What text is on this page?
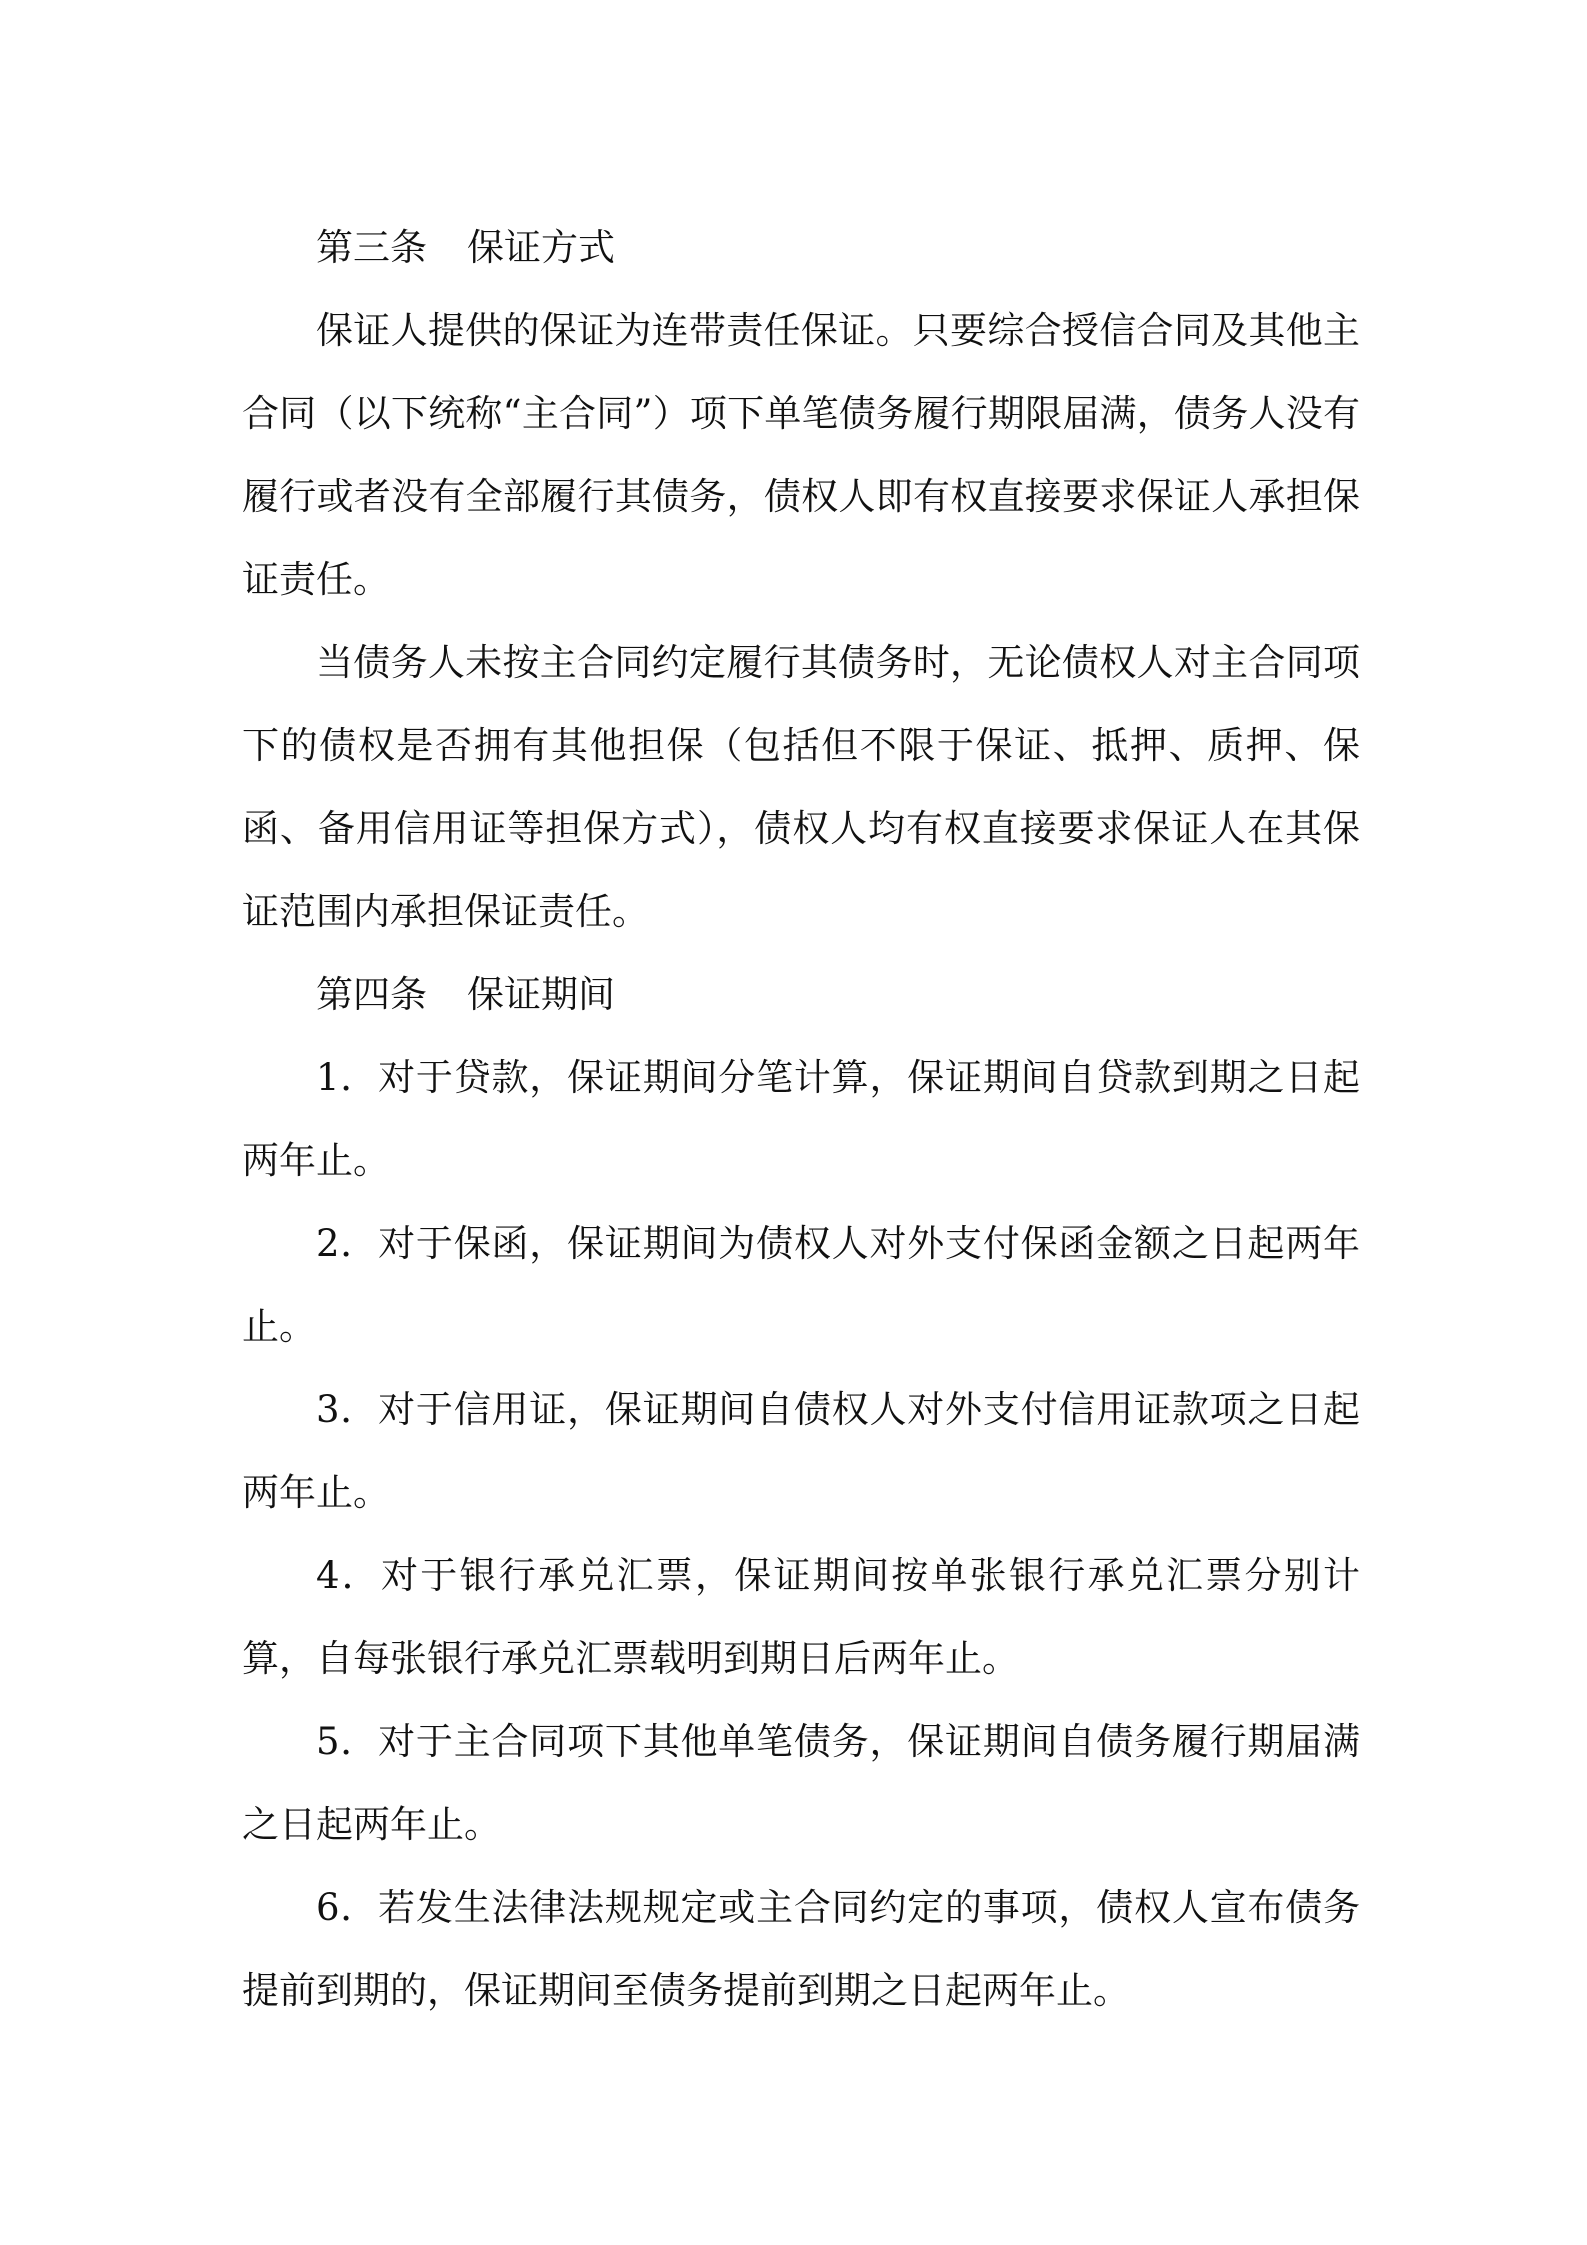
第三条 保证方式

保证人提供的保证为连带责任保证。只要综合授信合同及其他主合同（以下统称“主合同”）项下单笔债务履行期限届满，债务人没有履行或者没有全部履行其债务，债权人即有权直接要求保证人承担保证责任。

当债务人未按主合同约定履行其债务时，无论债权人对主合同项下的债权是否拥有其他担保（包括但不限于保证、抵押、质押、保函、备用信用证等担保方式），债权人均有权直接要求保证人在其保证范围内承担保证责任。

第四条 保证期间

1．对于贷款，保证期间分笔计算，保证期间自贷款到期之日起两年止。

2．对于保函，保证期间为债权人对外支付保函金额之日起两年止。

3．对于信用证，保证期间自债权人对外支付信用证款项之日起两年止。

4．对于银行承兑汇票，保证期间按单张银行承兑汇票分别计算，自每张银行承兑汇票载明到期日后两年止。

5．对于主合同项下其他单笔债务，保证期间自债务履行期届满之日起两年止。

6．若发生法律法规规定或主合同约定的事项，债权人宣布债务提前到期的，保证期间至债务提前到期之日起两年止。
